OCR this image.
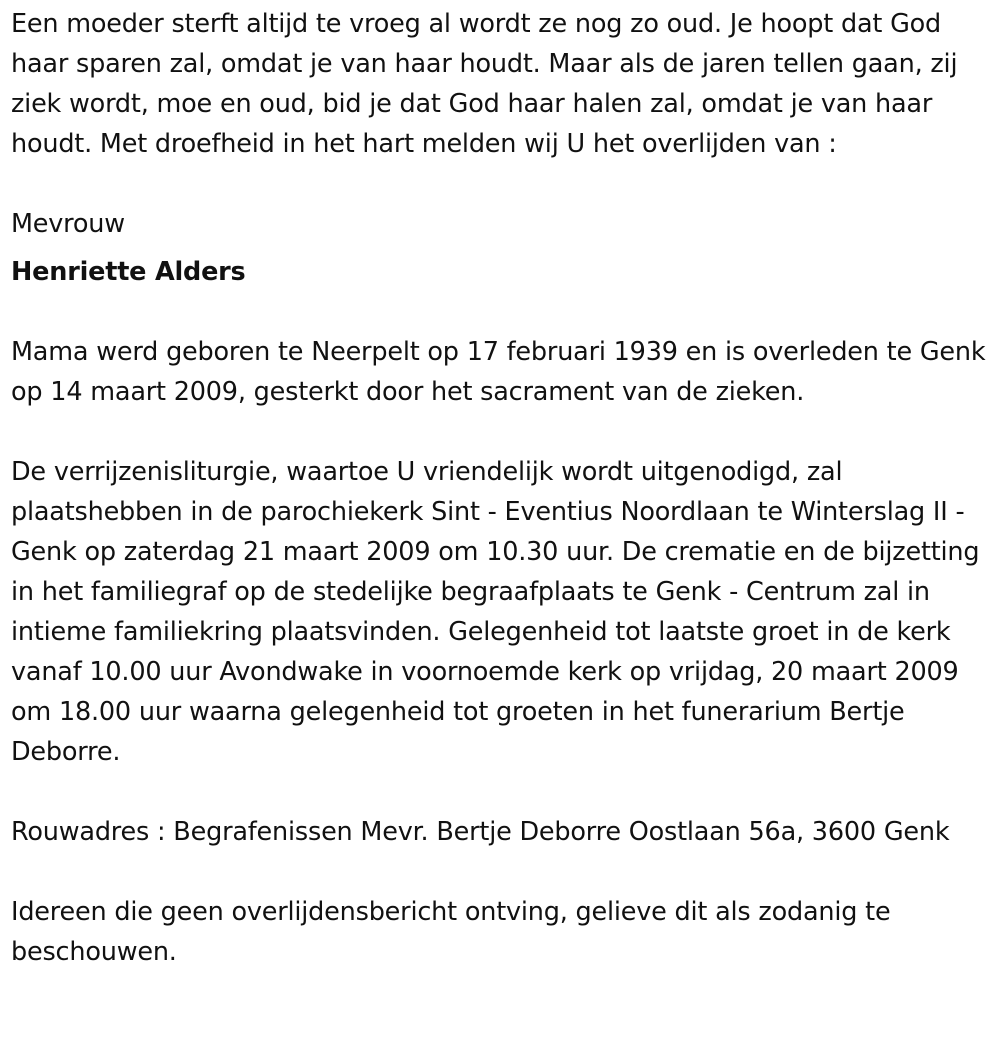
Een moeder sterft altijd te vroeg al wordt ze nog zo oud. Je hoopt dat God haar sparen zal, omdat je van haar houdt. Maar als de jaren tellen gaan, zij ziek wordt, moe en oud, bid je dat God haar halen zal, omdat je van haar houdt. Met droefheid in het hart melden wij U het overlijden van :

Mevrouw

Henriette Alders

Mama werd geboren te Neerpelt op 17 februari 1939 en is overleden te Genk op 14 maart 2009, gesterkt door het sacrament van de zieken.

De verrijzenisliturgie, waartoe U vriendelijk wordt uitgenodigd, zal plaatshebben in de parochiekerk Sint - Eventius Noordlaan te Winterslag II - Genk op zaterdag 21 maart 2009 om 10.30 uur. De crematie en de bijzetting in het familiegraf op de stedelijke begraafplaats te Genk - Centrum zal in intieme familiekring plaatsvinden. Gelegenheid tot laatste groet in de kerk vanaf 10.00 uur Avondwake in voornoemde kerk op vrijdag, 20 maart 2009 om 18.00 uur waarna gelegenheid tot groeten in het funerarium Bertje Deborre.

Rouwadres : Begrafenissen Mevr. Bertje Deborre Oostlaan 56a, 3600 Genk

Idereen die geen overlijdensbericht ontving, gelieve dit als zodanig te beschouwen.
